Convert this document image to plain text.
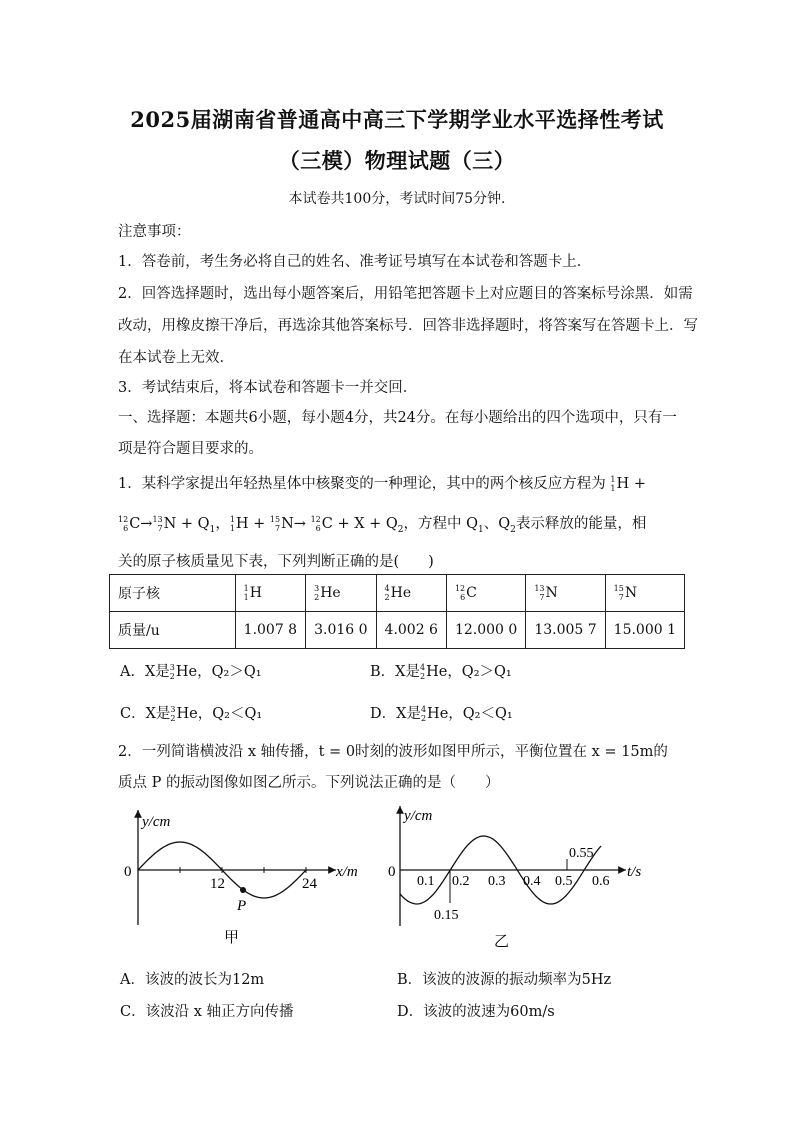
2025届湖南省普通高中高三下学期学业水平选择性考试
（三模）物理试题（三）
本试卷共100分，考试时间75分钟.
注意事项：
1．答卷前，考生务必将自己的姓名、准考证号填写在本试卷和答题卡上．
2．回答选择题时，选出每小题答案后，用铅笔把答题卡上对应题目的答案标号涂黑．如需
改动，用橡皮擦干净后，再选涂其他答案标号．回答非选择题时，将答案写在答题卡上．写
在本试卷上无效．
3．考试结束后，将本试卷和答题卡一并交回．
一、选择题：本题共6小题，每小题4分，共24分。在每小题给出的四个选项中，只有一
项是符合题目要求的。
1．某科学家提出年轻热星体中核聚变的一种理论，其中的两个核反应方程为 1
1 H +
12
6 C→ 13
7 $N + Q_1$， 1
1 H + 15
7 N→ 12
6 $C + X + Q_2$，方程中 $Q_1$、$Q_2$表示释放的能量，相
关的原子核质量见下表，下列判断正确的是(　　)
原子核	1
1 H	3
2 He	4
2 He	12
6 C	13
7 N	15
7 N
质量/u	1.007 8	3.016 0	4.002 6	12.000 0	13.005 7	15.000 1
A．X是 3
2 He，Q₂＞Q₁	B．X是 4
2 He，Q₂＞Q₁
C．X是 3
2 He，Q₂＜Q₁	D．X是 4
2 He，Q₂＜Q₁
2．一列简谐横波沿 x 轴传播，t = 0时刻的波形如图甲所示，平衡位置在 x = 15m的
质点 P 的振动图像如图乙所示。下列说法正确的是（　　）
y/cm
x/m
0
12	24
P
甲
y/cm
t/s
0
0.1 0.2 0.3 0.4 0.5 0.6
0.15
0.55
乙
A．该波的波长为12m	B．该波的波源的振动频率为5Hz
C．该波沿 x 轴正方向传播	D．该波的波速为60m/s
